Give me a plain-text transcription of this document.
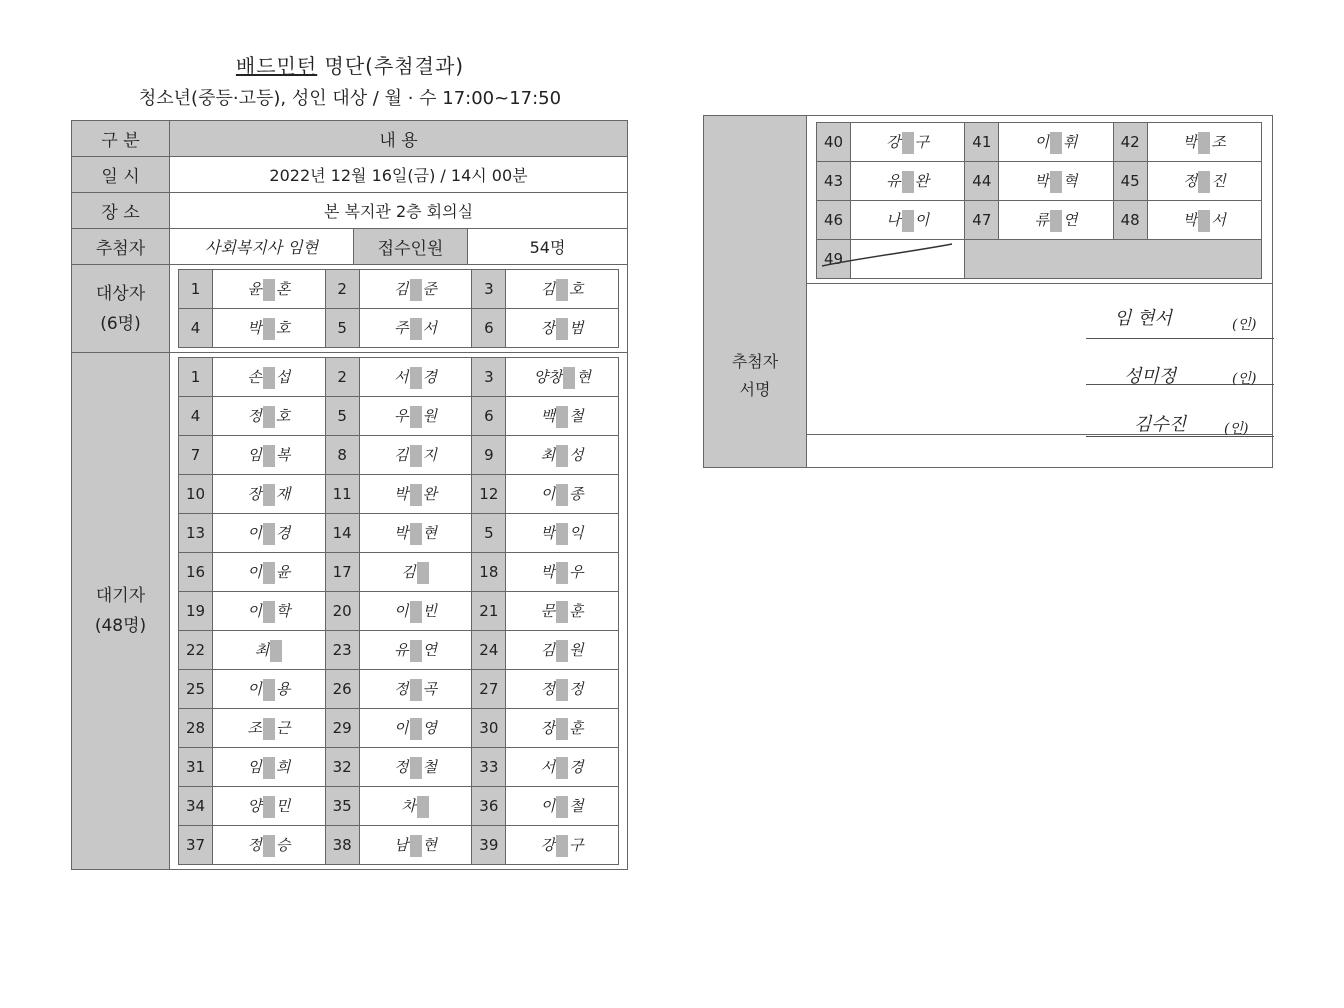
배드민턴 명단(추첨결과)
청소년(중등·고등), 성인 대상 / 월 · 수 17:00~17:50
구 분	내 용
일 시	2022년 12월 16일(금) / 14시 00분
장 소	본 복지관 2층 회의실
추첨자	사회복지사 임현	접수인원	54명

대상자
(6명)

1	윤 혼	2	김 준	3	김 호
4	박 호	5	주 서	6	장 범

대기자
(48명)

1	손 섭	2	서 경	3	양창 현
4	정 호	5	우 원	6	백 철
7	임 복	8	김 지	9	최 성
10	장 재	11	박 완	12	이 종
13	이 경	14	박 현	5	박 익
16	이 윤	17	김	18	박 우
19	이 학	20	이 빈	21	문 훈
22	최	23	유 연	24	김 원
25	이 용	26	정 곡	27	정 정
28	조 근	29	이 영	30	장 훈
31	임 희	32	정 철	33	서 경
34	양 민	35	차	36	이 철
37	정 승	38	남 현	39	강 구
추첨자
서명
40	강 구	41	이 휘	42	박 조
43	유 완	44	박 혁	45	정 진
46	나 이	47	류 연	48	박 서
49					
임 현서	(인)
성미정	(인)
김수진	(인)
